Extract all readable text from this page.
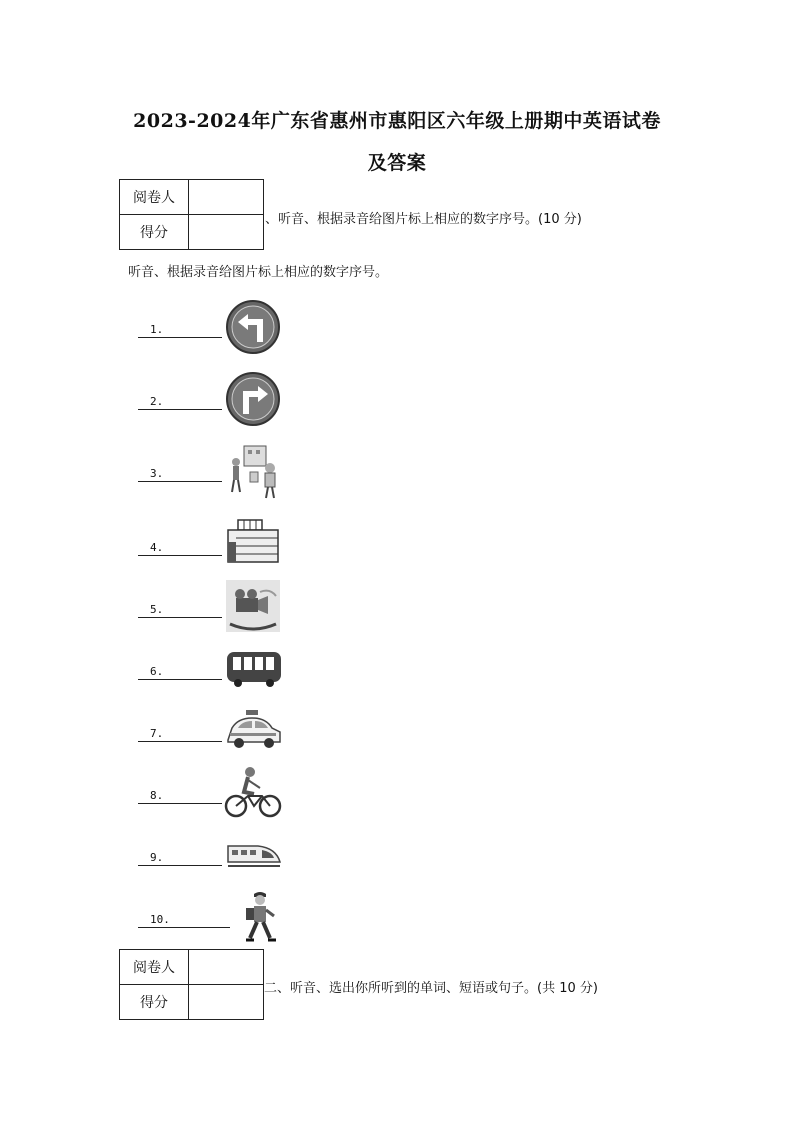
2023-2024年广东省惠州市惠阳区六年级上册期中英语试卷
及答案
阅卷人	
得分	
、听音、根据录音给图片标上相应的数字序号。(10 分)
听音、根据录音给图片标上相应的数字序号。
1.
2.
3.
4.
5.
6.
7.
8.
9.
10.
阅卷人	
得分	
二、听音、选出你所听到的单词、短语或句子。(共 10 分)
